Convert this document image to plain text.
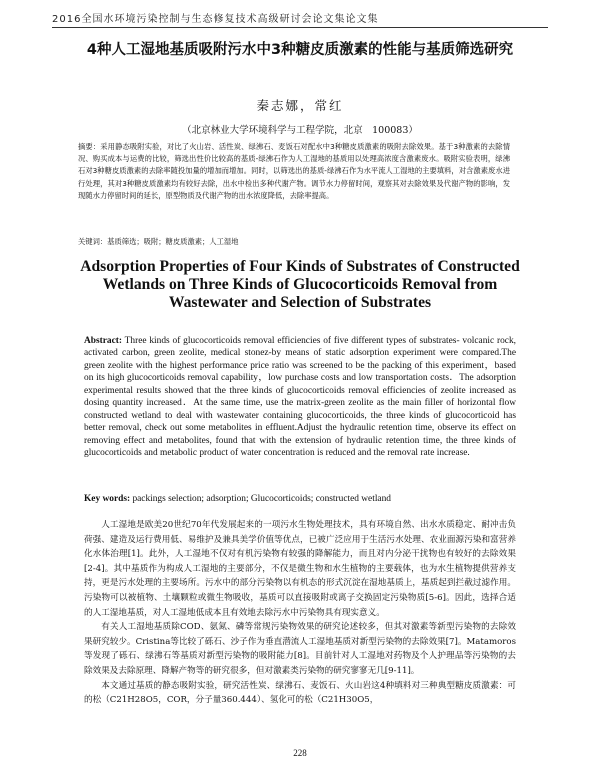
2016全国水环境污染控制与生态修复技术高级研讨会论文集论文集
4种人工湿地基质吸附污水中3种糖皮质激素的性能与基质筛选研究
秦志娜，常红
（北京林业大学环境科学与工程学院，北京　100083）
摘要：采用静态吸附实验，对比了火山岩、活性炭、绿沸石、麦饭石对配水中3种糖皮质激素的吸附去除效果。基于3种激素的去除情况、购买成本与运费的比较，筛选出性价比较高的基质-绿沸石作为人工湿地的基质用以处理高浓度含激素废水。吸附实验表明，绿沸石对3种糖皮质激素的去除率随投加量的增加而增加。同时，以筛选出的基质-绿沸石作为水平流人工湿地的主要填料，对含激素废水进行处理，其对3种糖皮质激素均有较好去除，出水中检出多种代谢产物。调节水力停留时间，观察其对去除效果及代谢产物的影响，发现随水力停留时间的延长，原型物质及代谢产物的出水浓度降低，去除率提高。
关键词：基质筛选；吸附；糖皮质激素；人工湿地
Adsorption Properties of Four Kinds of Substrates of Constructed Wetlands on Three Kinds of Glucocorticoids Removal from Wastewater and Selection of Substrates
Abstract: Three kinds of glucocorticoids removal efficiencies of five different types of substrates- volcanic rock, activated carbon, green zeolite, medical stonez-by means of static adsorption experiment were compared.The green zeolite with the highest performance price ratio was screened to be the packing of this experiment，based on its high glucocorticoids removal capability，low purchase costs and low transportation costs．The adsorption experimental results showed that the three kinds of glucocorticoids removal efficiencies of zeolite increased as dosing quantity increased．At the same time, use the matrix-green zeolite as the main filler of horizontal flow constructed wetland to deal with wastewater containing glucocorticoids, the three kinds of glucocorticoid has better removal, check out some metabolites in effluent.Adjust the hydraulic retention time, observe its effect on removing effect and metabolites, found that with the extension of hydraulic retention time, the three kinds of glucocorticoids and metabolic product of water concentration is reduced and the removal rate increase.
Key words: packings selection; adsorption; Glucocorticoids; constructed wetland

人工湿地是欧美20世纪70年代发展起来的一项污水生物处理技术，具有环境自然、出水水质稳定、耐冲击负荷强、建造及运行费用低、易维护及兼具美学价值等优点，已被广泛应用于生活污水处理、农业面源污染和富营养化水体治理[1]。此外，人工湿地不仅对有机污染物有较强的降解能力，而且对内分泌干扰物也有较好的去除效果[2-4]。其中基质作为构成人工湿地的主要部分，不仅是微生物和水生植物的主要载体，也为水生植物提供营养支持，更是污水处理的主要场所。污水中的部分污染物以有机态的形式沉淀在湿地基质上，基质起到拦截过滤作用。污染物可以被植物、土壤颗粒或微生物吸收，基质可以直接吸附或离子交换固定污染物质[5-6]。因此，选择合适的人工湿地基质，对人工湿地低成本且有效地去除污水中污染物具有现实意义。

有关人工湿地基质除COD、氨氮、磷等常规污染物效果的研究论述较多，但其对激素等新型污染物的去除效果研究较少。Cristina等比较了砾石、沙子作为垂直潜流人工湿地基质对新型污染物的去除效果[7]。Matamoros等发现了砾石、绿沸石等基质对新型污染物的吸附能力[8]。目前针对人工湿地对药物及个人护理品等污染物的去除效果及去除原理、降解产物等的研究很多，但对激素类污染物的研究寥寥无几[9-11]。

本文通过基质的静态吸附实验，研究活性炭、绿沸石、麦饭石、火山岩这4种填料对三种典型糖皮质激素：可的松（C21H28O5，COR，分子量360.444）、氢化可的松（C21H30O5，

228
